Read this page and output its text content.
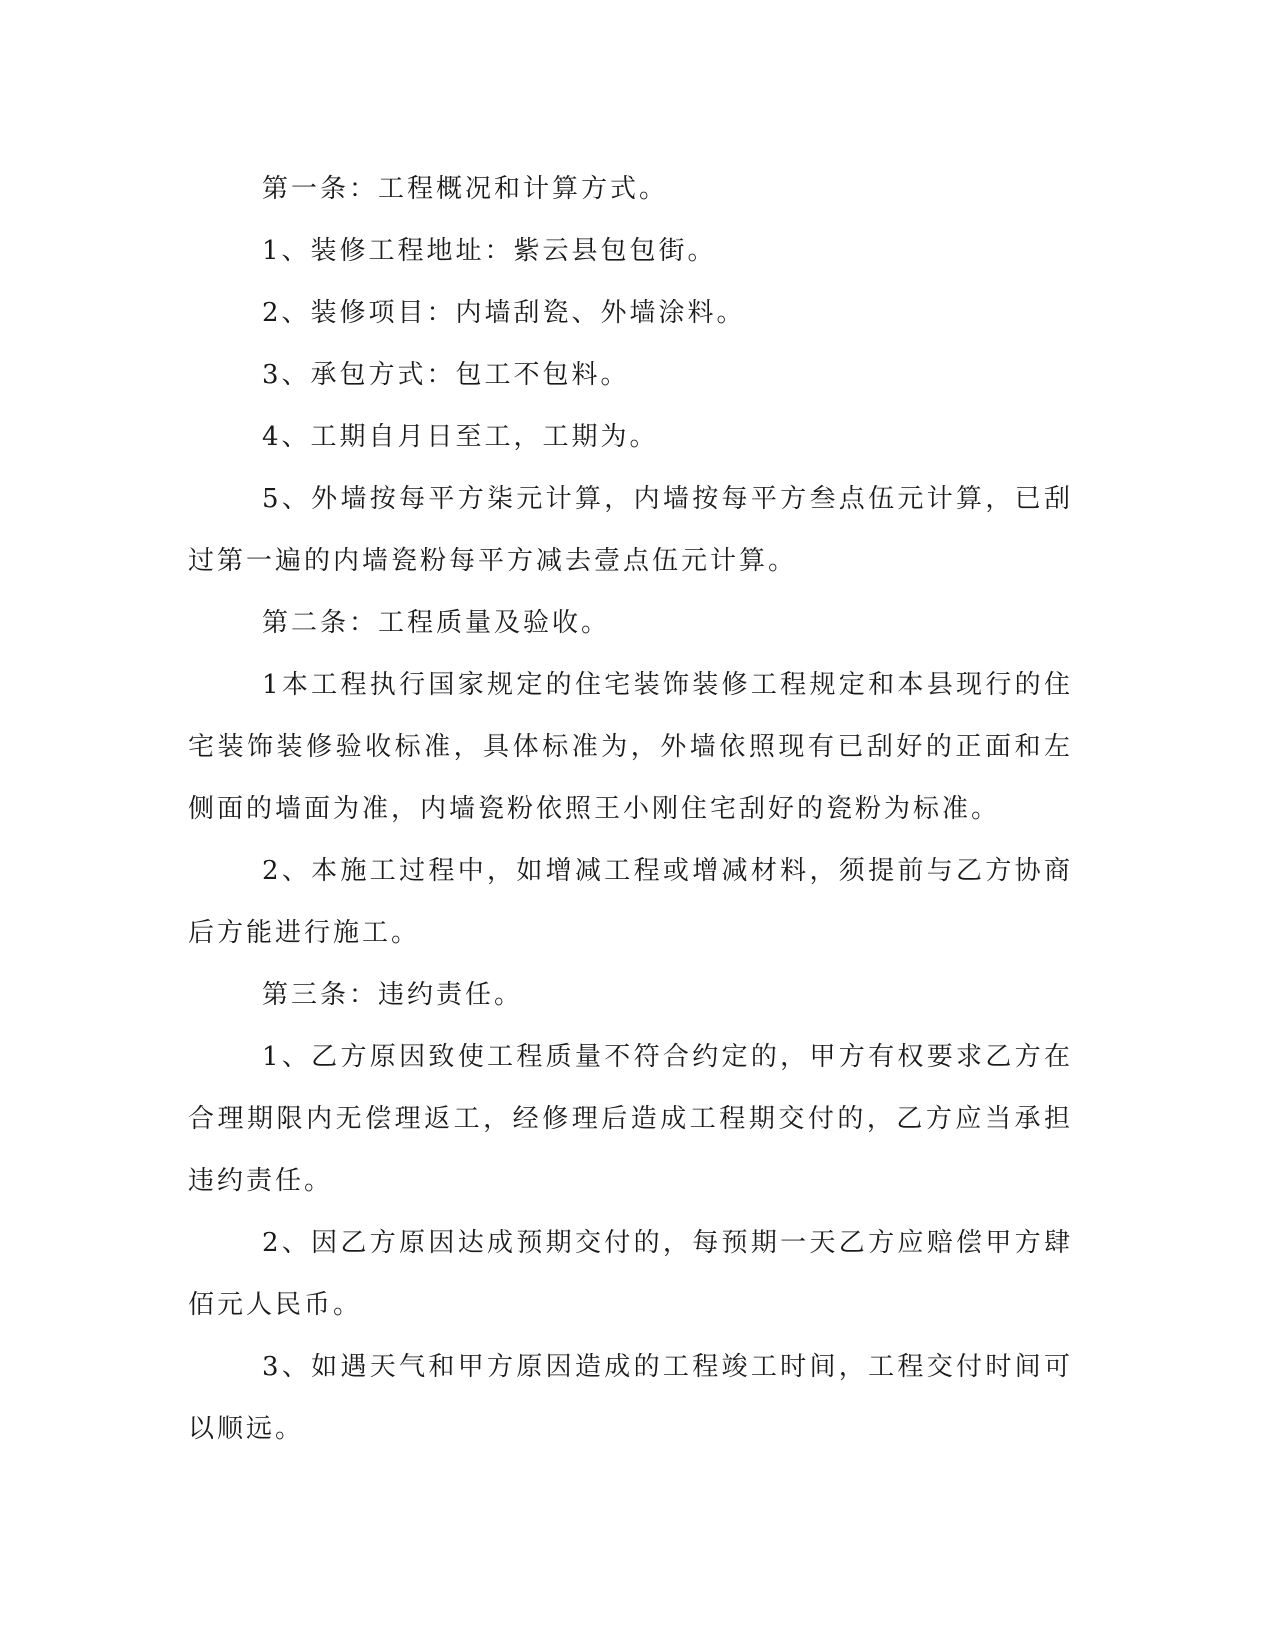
第一条：工程概况和计算方式。

1、装修工程地址：紫云县包包街。

2、装修项目：内墙刮瓷、外墙涂料。

3、承包方式：包工不包料。

4、工期自月日至工，工期为。

5、外墙按每平方柒元计算，内墙按每平方叁点伍元计算，已刮过第一遍的内墙瓷粉每平方减去壹点伍元计算。

第二条：工程质量及验收。

1本工程执行国家规定的住宅装饰装修工程规定和本县现行的住宅装饰装修验收标准，具体标准为，外墙依照现有已刮好的正面和左侧面的墙面为准，内墙瓷粉依照王小刚住宅刮好的瓷粉为标准。

2、本施工过程中，如增减工程或增减材料，须提前与乙方协商后方能进行施工。

第三条：违约责任。

1、乙方原因致使工程质量不符合约定的，甲方有权要求乙方在合理期限内无偿理返工，经修理后造成工程期交付的，乙方应当承担违约责任。

2、因乙方原因达成预期交付的，每预期一天乙方应赔偿甲方肆佰元人民币。

3、如遇天气和甲方原因造成的工程竣工时间，工程交付时间可以顺远。
